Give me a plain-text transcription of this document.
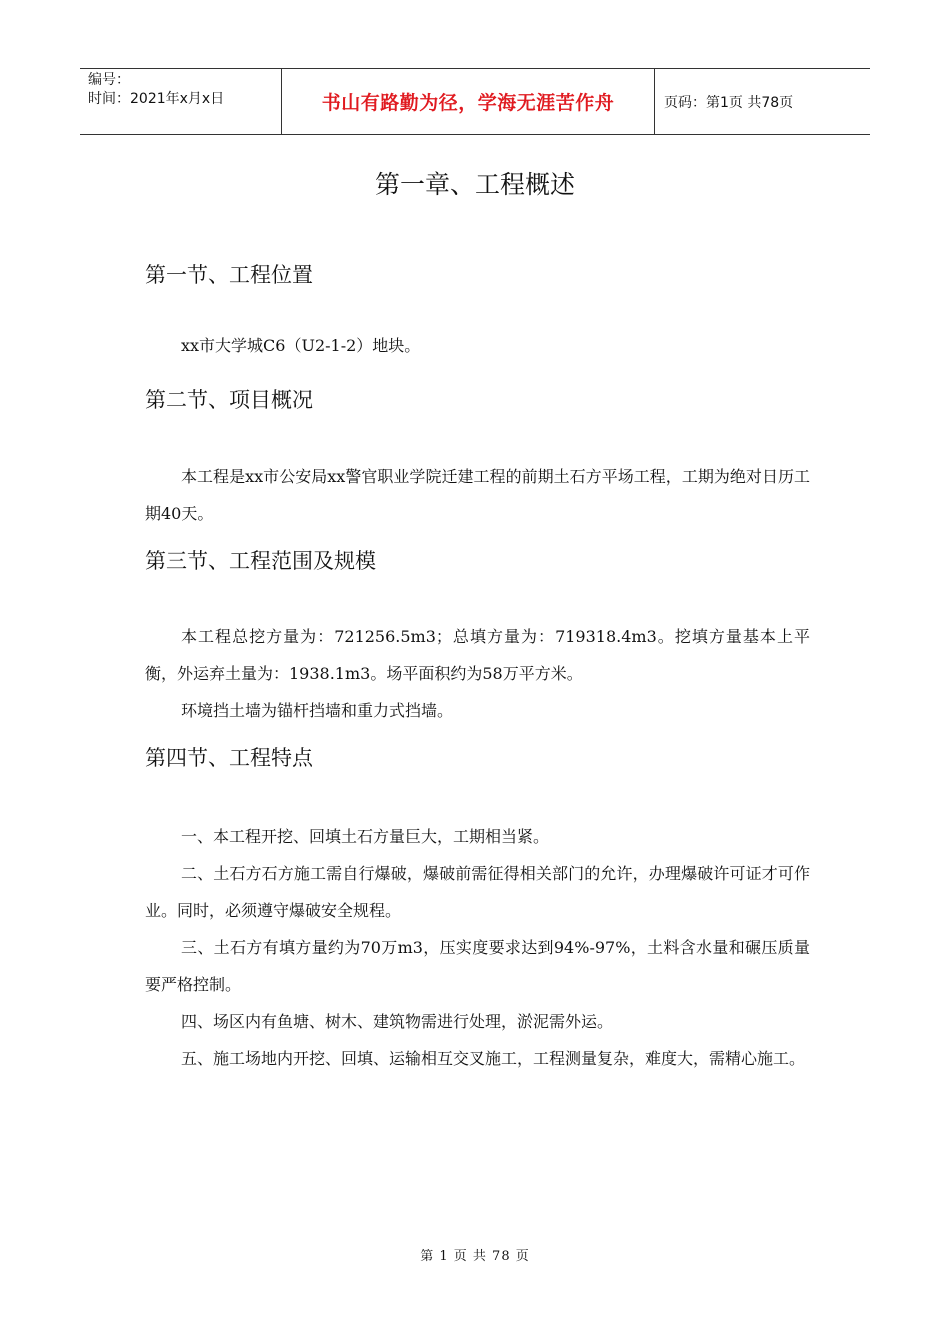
编号：
时间：2021年x月x日	书山有路勤为径，学海无涯苦作舟	页码：第1页 共78页
第一章、工程概述
第一节、工程位置

xx市大学城C6（U2-1-2）地块。

第二节、项目概况

本工程是xx市公安局xx警官职业学院迁建工程的前期土石方平场工程，工期为绝对日历工期40天。

第三节、工程范围及规模

本工程总挖方量为：721256.5m3；总填方量为：719318.4m3。挖填方量基本上平衡，外运弃土量为：1938.1m3。场平面积约为58万平方米。

环境挡土墙为锚杆挡墙和重力式挡墙。

第四节、工程特点

一、本工程开挖、回填土石方量巨大，工期相当紧。

二、土石方石方施工需自行爆破，爆破前需征得相关部门的允许，办理爆破许可证才可作业。同时，必须遵守爆破安全规程。

三、土石方有填方量约为70万m3，压实度要求达到94%-97%，土料含水量和碾压质量要严格控制。

四、场区内有鱼塘、树木、建筑物需进行处理，淤泥需外运。

五、施工场地内开挖、回填、运输相互交叉施工，工程测量复杂，难度大，需精心施工。

第 1 页 共 78 页
